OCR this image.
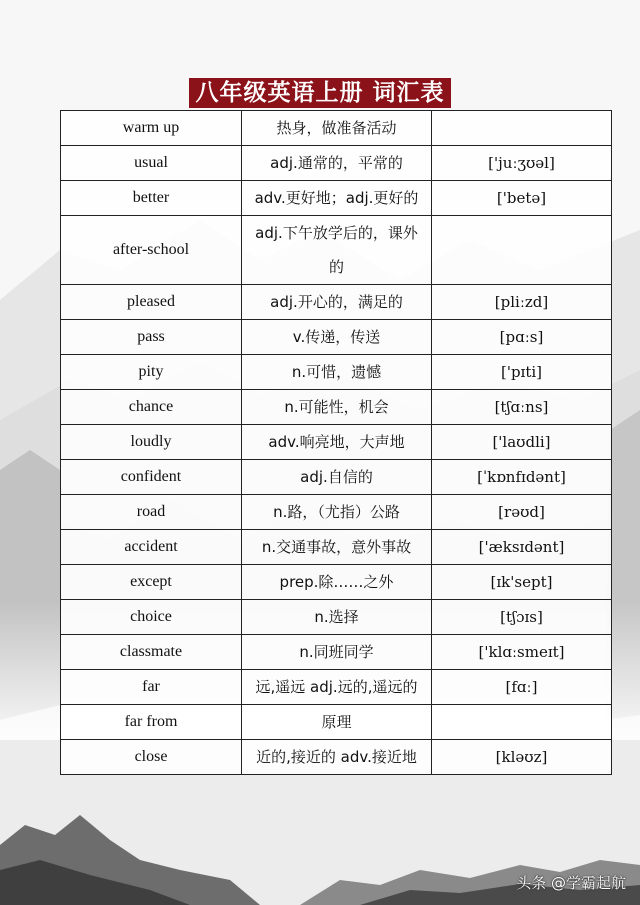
八年级英语上册 词汇表
warm up	热身，做准备活动	
usual	adj.通常的，平常的	['juːʒʊəl]
better	adv.更好地；adj.更好的	['betə]
after-school	adj.下午放学后的，课外的	
pleased	adj.开心的，满足的	[pliːzd]
pass	v.传递，传送	[pɑːs]
pity	n.可惜，遗憾	['pɪti]
chance	n.可能性，机会	[tʃɑːns]
loudly	adv.响亮地，大声地	['laʊdli]
confident	adj.自信的	[ˈkɒnfɪdənt]
road	n.路，（尤指）公路	[rəʊd]
accident	n.交通事故，意外事故	['æksɪdənt]
except	prep.除……之外	[ɪk'sept]
choice	n.选择	[tʃɔɪs]
classmate	n.同班同学	['klɑːsmeɪt]
far	远,遥远 adj.远的,遥远的	[fɑː]
far from	原理	
close	近的,接近的 adv.接近地	[kləʊz]
头条 @学霸起航
